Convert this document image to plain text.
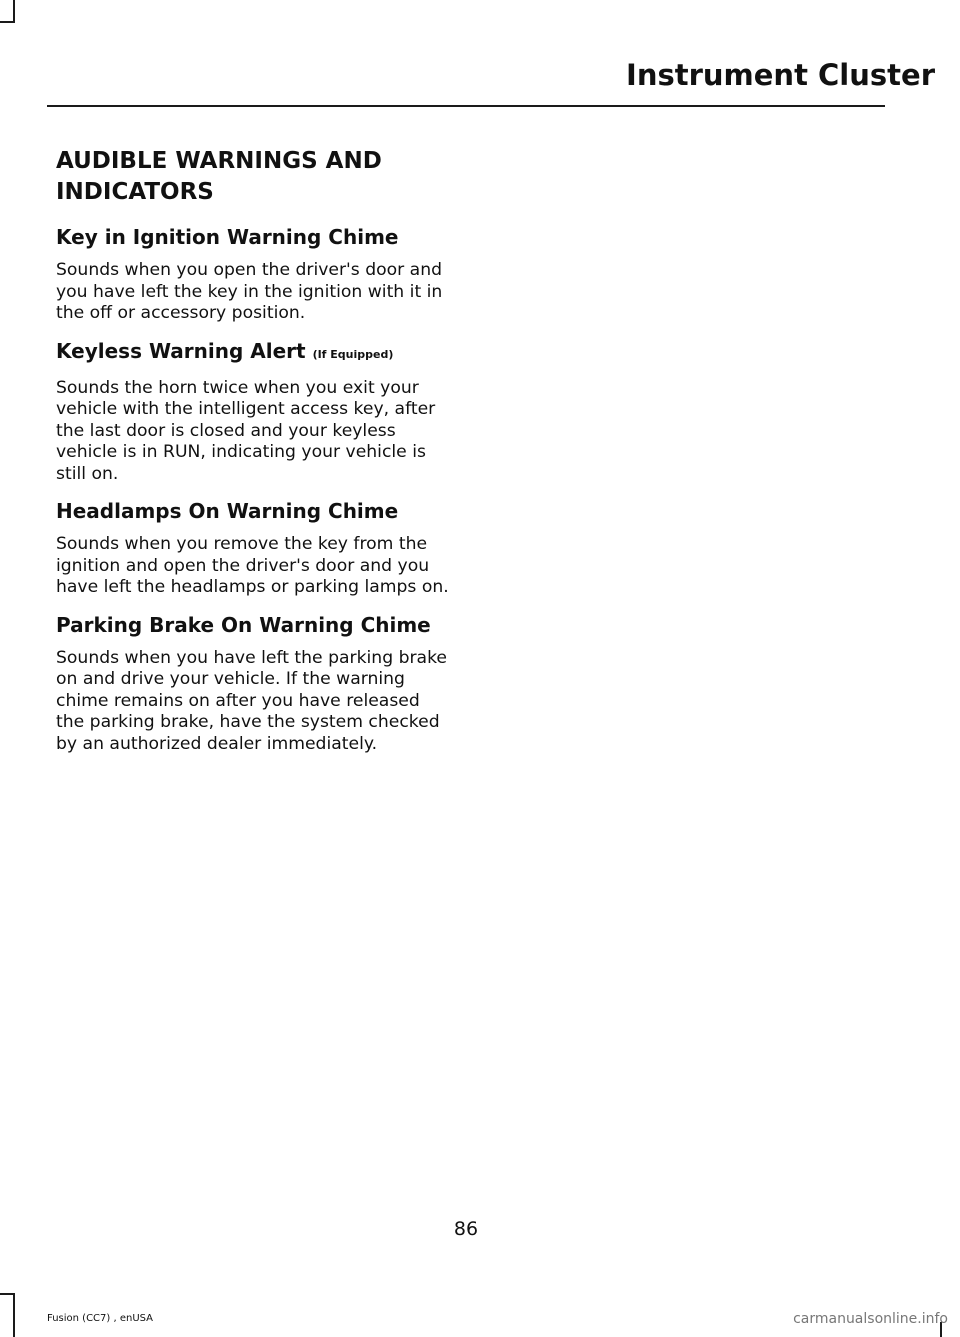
Instrument Cluster
AUDIBLE WARNINGS AND INDICATORS
Key in Ignition Warning Chime

Sounds when you open the driver's door and you have left the key in the ignition with it in the off or accessory position.

Keyless Warning Alert (If Equipped)

Sounds the horn twice when you exit your vehicle with the intelligent access key, after the last door is closed and your keyless vehicle is in RUN, indicating your vehicle is still on.

Headlamps On Warning Chime

Sounds when you remove the key from the ignition and open the driver's door and you have left the headlamps or parking lamps on.

Parking Brake On Warning Chime

Sounds when you have left the parking brake on and drive your vehicle. If the warning chime remains on after you have released the parking brake, have the system checked by an authorized dealer immediately.

86
Fusion (CC7) , enUSA	carmanualsonline.info
